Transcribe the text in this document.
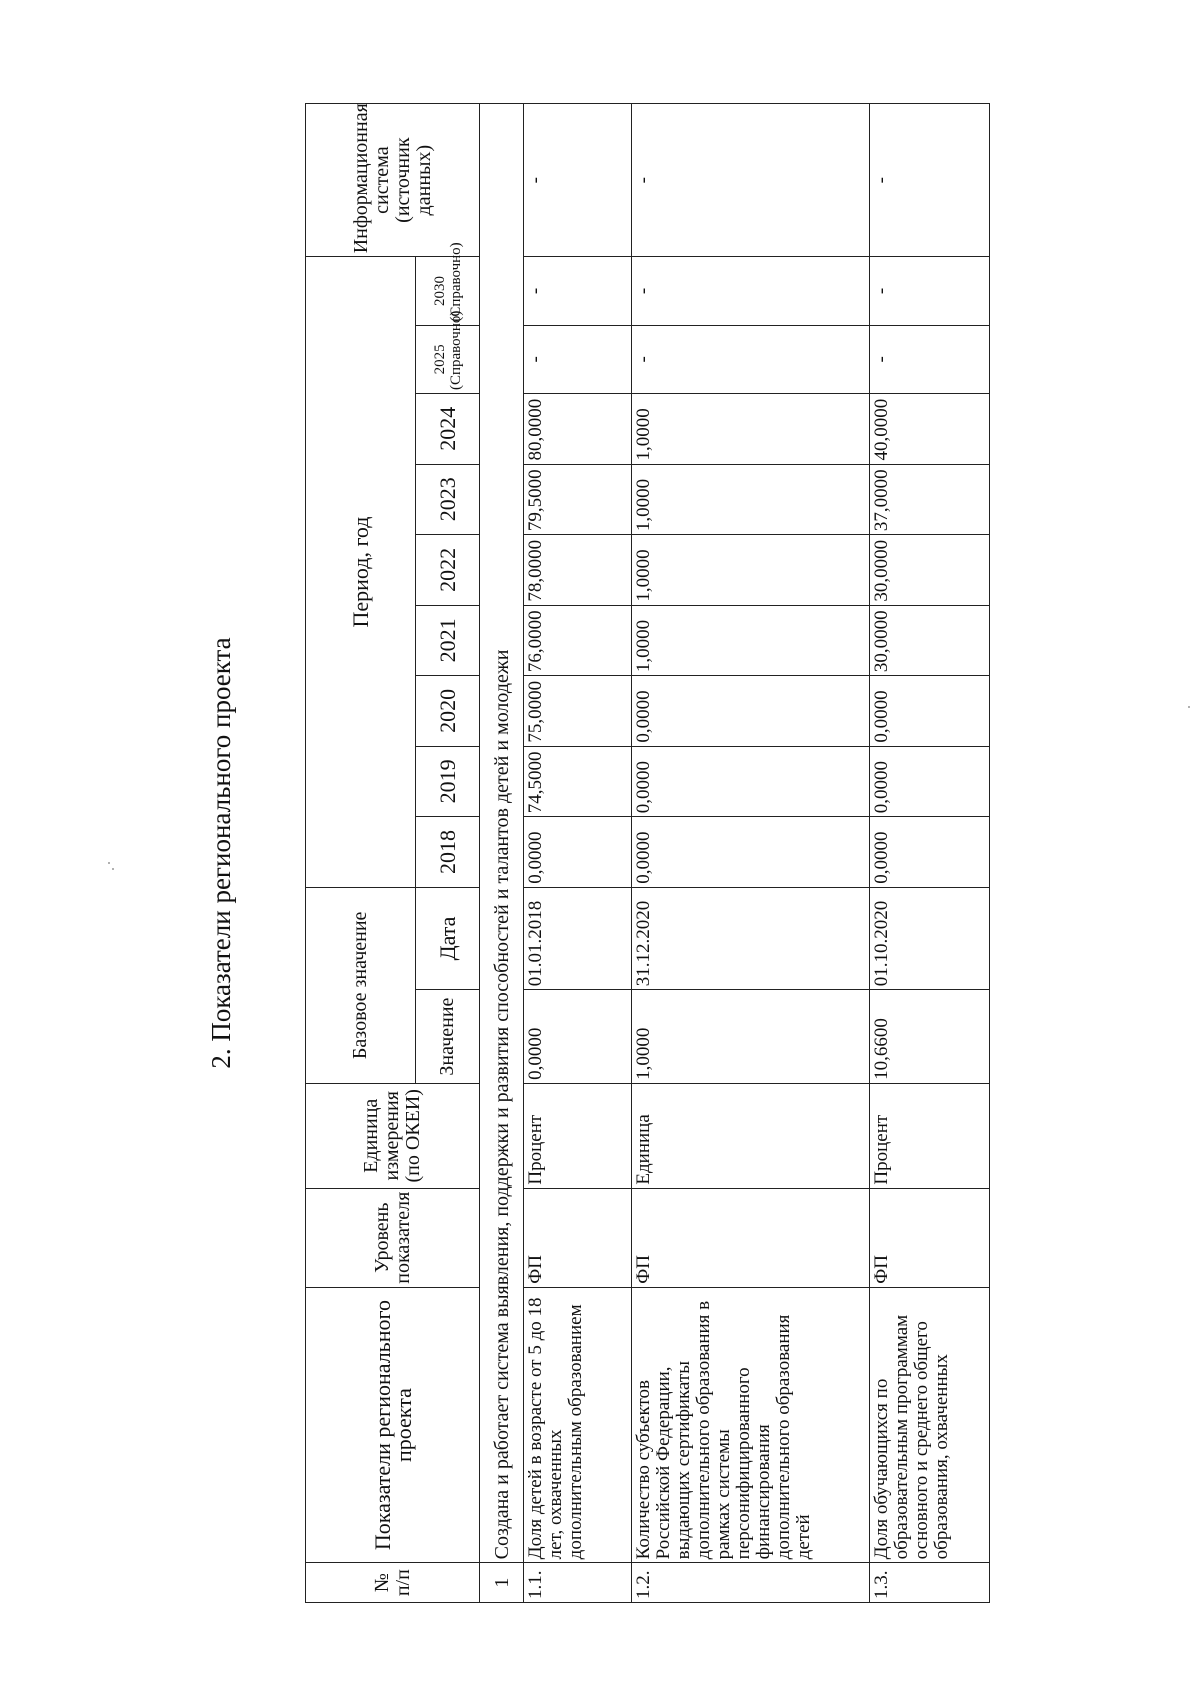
2. Показатели регионального проекта
№ п/п	Показатели регионального проекта	Уровень показателя	Единица измерения (по ОКЕИ)	Базовое значение		Период, год									Информационная система (источник данных)
				Значение	Дата	2018	2019	2020	2021	2022	2023	2024	2025 (Справочно)	2030 (Справочно)	
1	Создана и работает система выявления, поддержки и развития способностей и талантов детей и молодежи														
1.1.	Доля детей в возрасте от 5 до 18 лет, охваченных дополнительным образованием	ФП	Процент	0,0000	01.01.2018	0,0000	74,5000	75,0000	76,0000	78,0000	79,5000	80,0000	-	-	-
1.2.	Количество субъектов Российской Федерации, выдающих сертификаты дополнительного образования в рамках системы персонифицированного финансирования дополнительного образования детей	ФП	Единица	1,0000	31.12.2020	0,0000	0,0000	0,0000	1,0000	1,0000	1,0000	1,0000	-	-	-
1.3.	Доля обучающихся по образовательным программам основного и среднего общего образования, охваченных	ФП	Процент	10,6600	01.10.2020	0,0000	0,0000	0,0000	30,0000	30,0000	37,0000	40,0000	-	-	-
